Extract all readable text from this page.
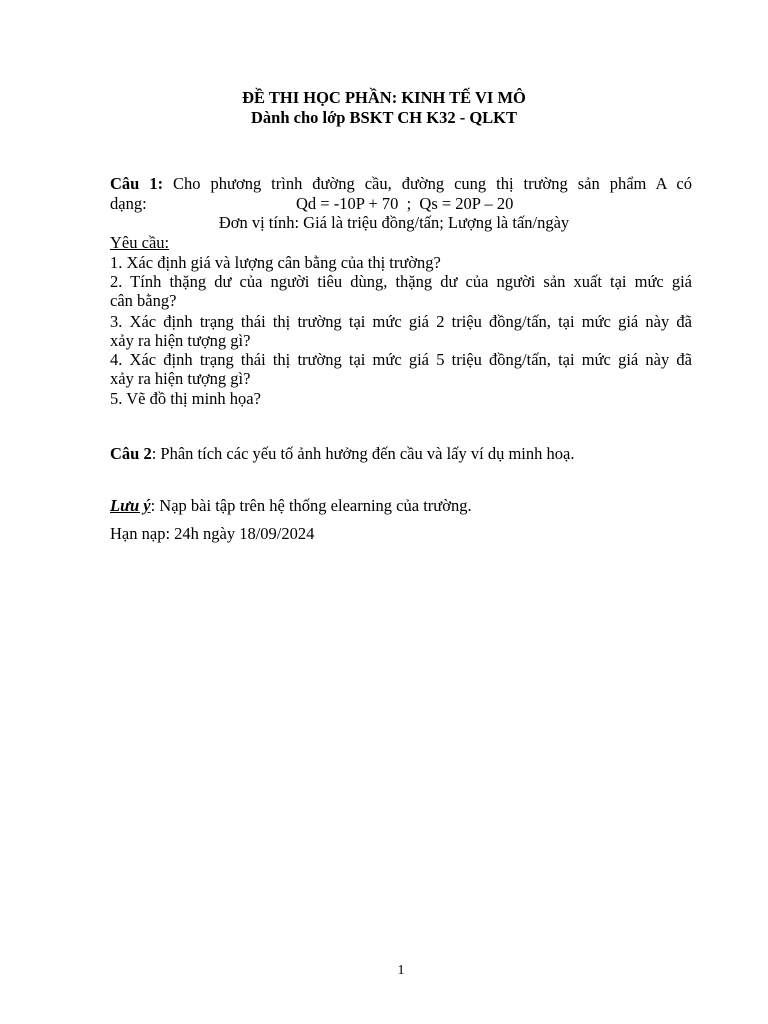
ĐỀ THI HỌC PHẦN: KINH TẾ VI MÔ
Dành cho lớp BSKT CH K32 - QLKT
Câu 1: Cho phương trình đường cầu, đường cung thị trường sản phẩm A có
dạng:	Qd = -10P + 70  ;  Qs = 20P – 20
Đơn vị tính: Giá là triệu đồng/tấn; Lượng là tấn/ngày
Yêu cầu:
1. Xác định giá và lượng cân bằng của thị trường?
2. Tính thặng dư của người tiêu dùng, thặng dư của người sản xuất tại mức giá
cân bằng?
3. Xác định trạng thái thị trường tại mức giá 2 triệu đồng/tấn, tại mức giá này đã
xảy ra hiện tượng gì?
4. Xác định trạng thái thị trường tại mức giá 5 triệu đồng/tấn, tại mức giá này đã
xảy ra hiện tượng gì?
5. Vẽ đồ thị minh họa?
Câu 2: Phân tích các yếu tố ảnh hưởng đến cầu và lấy ví dụ minh hoạ.
Lưu ý: Nạp bài tập trên hệ thống elearning của trường.
Hạn nạp: 24h ngày 18/09/2024
1
